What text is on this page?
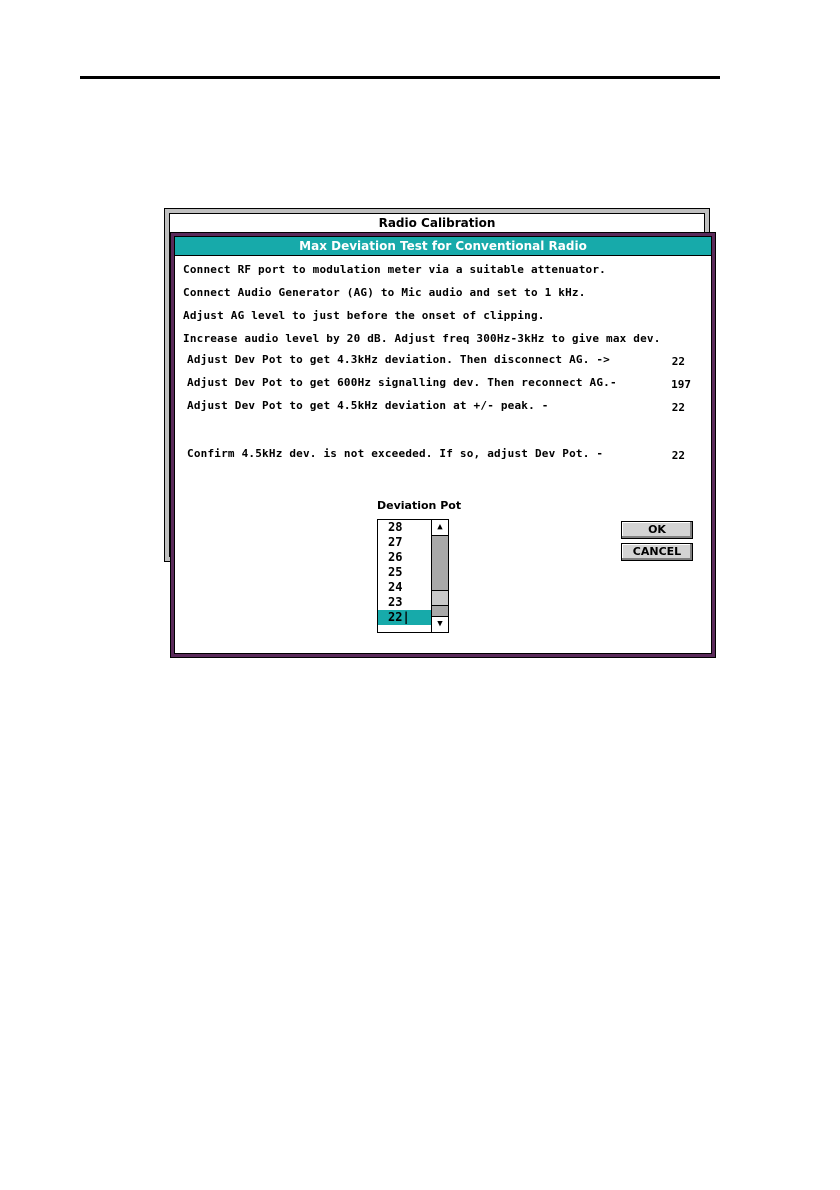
Radio Calibration
Max Deviation Test for Conventional Radio
Connect RF port to modulation meter via a suitable attenuator.
Connect Audio Generator (AG) to Mic audio and set to 1 kHz.
Adjust AG level to just before the onset of clipping.
Increase audio level by 20 dB. Adjust freq 300Hz-3kHz to give max dev.
Adjust Dev Pot to get 4.3kHz deviation. Then disconnect AG. ->	22
Adjust Dev Pot to get 600Hz signalling dev. Then reconnect AG.-	197
Adjust Dev Pot to get 4.5kHz deviation at +/- peak. -	22
Confirm 4.5kHz dev. is not exceeded. If so, adjust Dev Pot. -	22
Deviation Pot
28
27
26
25
24
23
22|
▲
▼
OK
CANCEL
